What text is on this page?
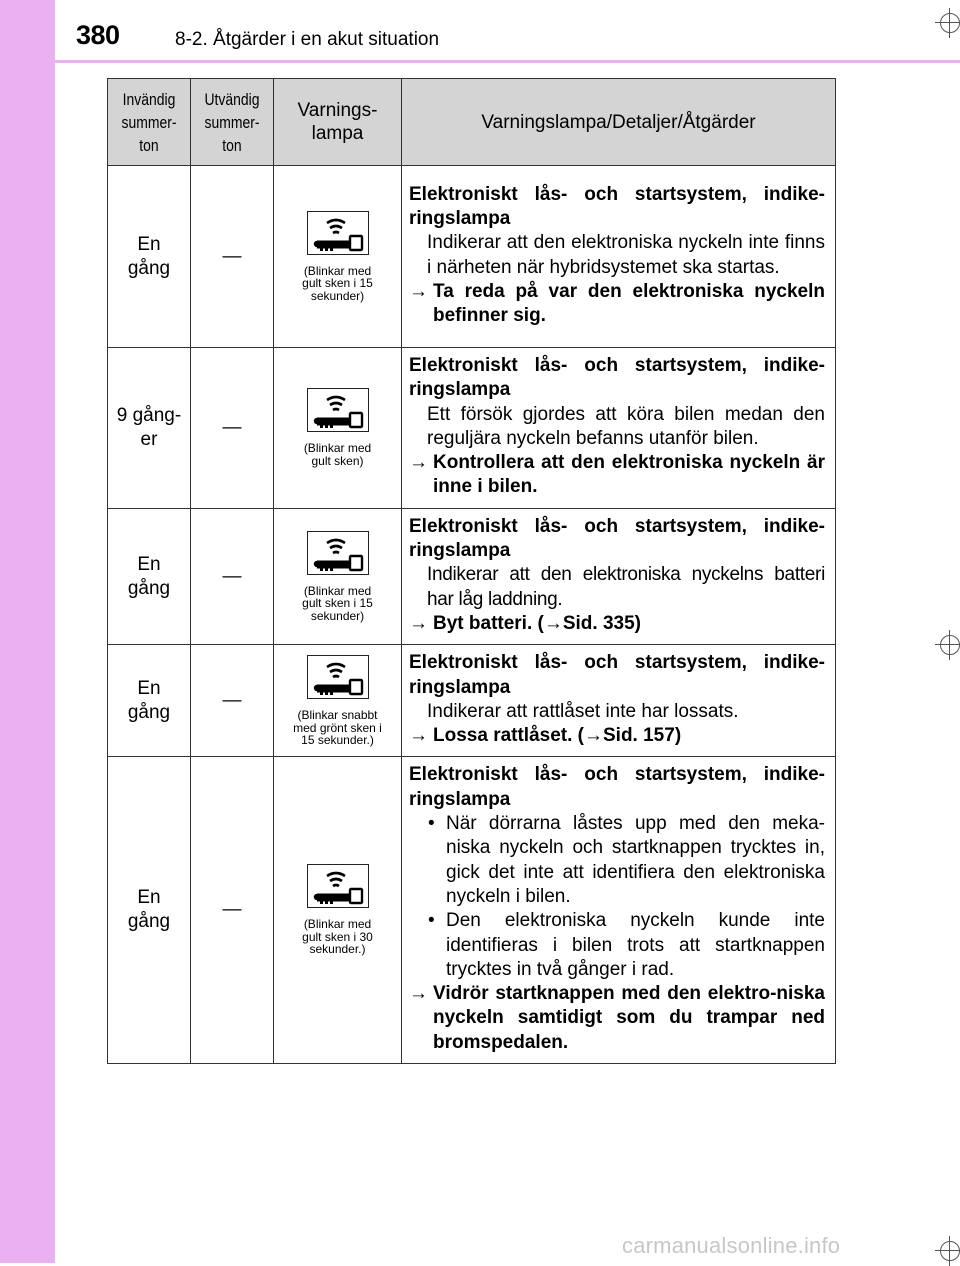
380	8-2. Åtgärder i en akut situation
Invändig summer-ton	Utvändig summer-ton	Varnings-lampa	Varningslampa/Detaljer/Åtgärder

En gång	—	(Blinkar med gult sken i 15 sekunder)	Elektroniskt lås- och startsystem, indike-ringslampa
Indikerar att den elektroniska nyckeln inte finns i närheten när hybridsystemet ska startas.
→ Ta reda på var den elektroniska nyckeln befinner sig.

9 gång-er	—	(Blinkar med gult sken)	Elektroniskt lås- och startsystem, indike-ringslampa
Ett försök gjordes att köra bilen medan den reguljära nyckeln befanns utanför bilen.
→ Kontrollera att den elektroniska nyckeln är inne i bilen.

En gång	—	(Blinkar med gult sken i 15 sekunder)	Elektroniskt lås- och startsystem, indike-ringslampa
Indikerar att den elektroniska nyckelns batteri har låg laddning.
→ Byt batteri. (→Sid. 335)

En gång	—	(Blinkar snabbt med grönt sken i 15 sekunder.)	Elektroniskt lås- och startsystem, indike-ringslampa
Indikerar att rattlåset inte har lossats.
→ Lossa rattlåset. (→Sid. 157)

En gång	—	(Blinkar med gult sken i 30 sekunder.)	Elektroniskt lås- och startsystem, indike-ringslampa
• När dörrarna låstes upp med den meka-niska nyckeln och startknappen trycktes in, gick det inte att identifiera den elektroniska nyckeln i bilen.
• Den elektroniska nyckeln kunde inte identifieras i bilen trots att startknappen trycktes in två gånger i rad.
→ Vidrör startknappen med den elektro-niska nyckeln samtidigt som du trampar ned bromspedalen.
carmanualsonline.info
